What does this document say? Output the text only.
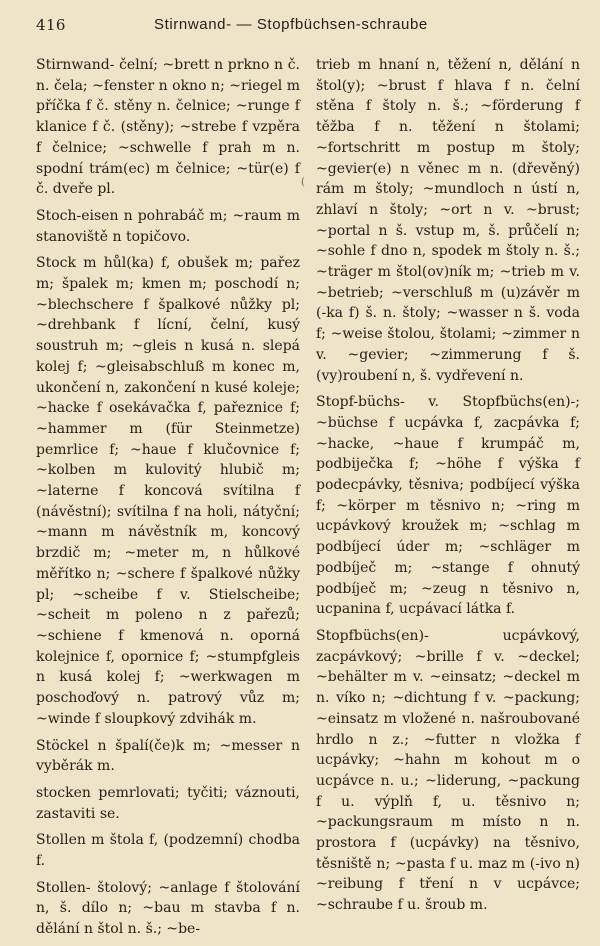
416	Stirnwand- — Stopfbüchsen-schraube

Stirnwand- čelní; ~brett n prkno n č. n. čela; ~fenster n okno n; ~riegel m příčka f č. stěny n. čelnice; ~runge f klanice f č. (stěny); ~strebe f vzpěra f čelnice; ~schwelle f prah m n. spodní trám(ec) m čelnice; ~tür(e) f č. dveře pl.

Stoch-eisen n pohrabáč m; ~raum m stanoviště n topičovo.

Stock m hůl(ka) f, obušek m; pařez m; špalek m; kmen m; poschodí n; ~blechschere f špalkové nůžky pl; ~drehbank f lícní, čelní, kusý soustruh m; ~gleis n kusá n. slepá kolej f; ~gleisabschluß m konec m, ukončení n, zakončení n kusé koleje; ~hacke f osekávačka f, pařeznice f; ~hammer m (für Steinmetze) pemrlice f; ~haue f klučovnice f; ~kolben m kulovitý hlubič m; ~laterne f koncová svítilna f (návěstní); svítilna f na holi, nátyční; ~mann m návěstník m, koncový brzdič m; ~meter m, n hůlkové měřítko n; ~schere f špalkové nůžky pl; ~scheibe f v. Stielscheibe; ~scheit m poleno n z pařezů; ~schiene f kmenová n. oporná kolejnice f, opornice f; ~stumpfgleis n kusá kolej f; ~werkwagen m poschoďový n. patrový vůz m; ~winde f sloupkový zdvihák m.

Stöckel n špalí(če)k m; ~messer n vyběrák m.

stocken pemrlovati; tyčiti; váznouti, zastaviti se.

Stollen m štola f, (podzemní) chodba f.

Stollen- štolový; ~anlage f štolování n, š. dílo n; ~bau m stavba f n. dělání n štol n. š.; ~be-

(

trieb m hnaní n, těžení n, dělání n štol(y); ~brust f hlava f n. čelní stěna f štoly n. š.; ~förderung f těžba f n. těžení n štolami; ~fortschritt m postup m štoly; ~gevier(e) n věnec m n. (dřevěný) rám m štoly; ~mundloch n ústí n, zhlaví n štoly; ~ort n v. ~brust; ~portal n š. vstup m, š. průčelí n; ~sohle f dno n, spodek m štoly n. š.; ~träger m štol(ov)ník m; ~trieb m v. ~betrieb; ~verschluß m (u)závěr m (-ka f) š. n. štoly; ~wasser n š. voda f; ~weise štolou, štolami; ~zimmer n v. ~gevier; ~zimmerung f š. (vy)roubení n, š. vydřevení n.

Stopf-büchs- v. Stopfbüchs(en)-; ~büchse f ucpávka f, zacpávka f; ~hacke, ~haue f krumpáč m, podbiječka f; ~höhe f výška f podecpávky, těsniva; podbíjecí výška f; ~körper m těsnivo n; ~ring m ucpávkový kroužek m; ~schlag m podbíjecí úder m; ~schläger m podbíječ m; ~stange f ohnutý podbíječ m; ~zeug n těsnivo n, ucpanina f, ucpávací látka f.

Stopfbüchs(en)- ucpávkový, zacpávkový; ~brille f v. ~deckel; ~behälter m v. ~einsatz; ~deckel m n. víko n; ~dichtung f v. ~packung; ~einsatz m vložené n. našroubované hrdlo n z.; ~futter n vložka f ucpávky; ~hahn m kohout m o ucpávce n. u.; ~liderung, ~packung f u. výplň f, u. těsnivo n; ~packungsraum m místo n n. prostora f (ucpávky) na těsnivo, těsniště n; ~pasta f u. maz m (-ivo n) ~reibung f tření n v ucpávce; ~schraube f u. šroub m.
